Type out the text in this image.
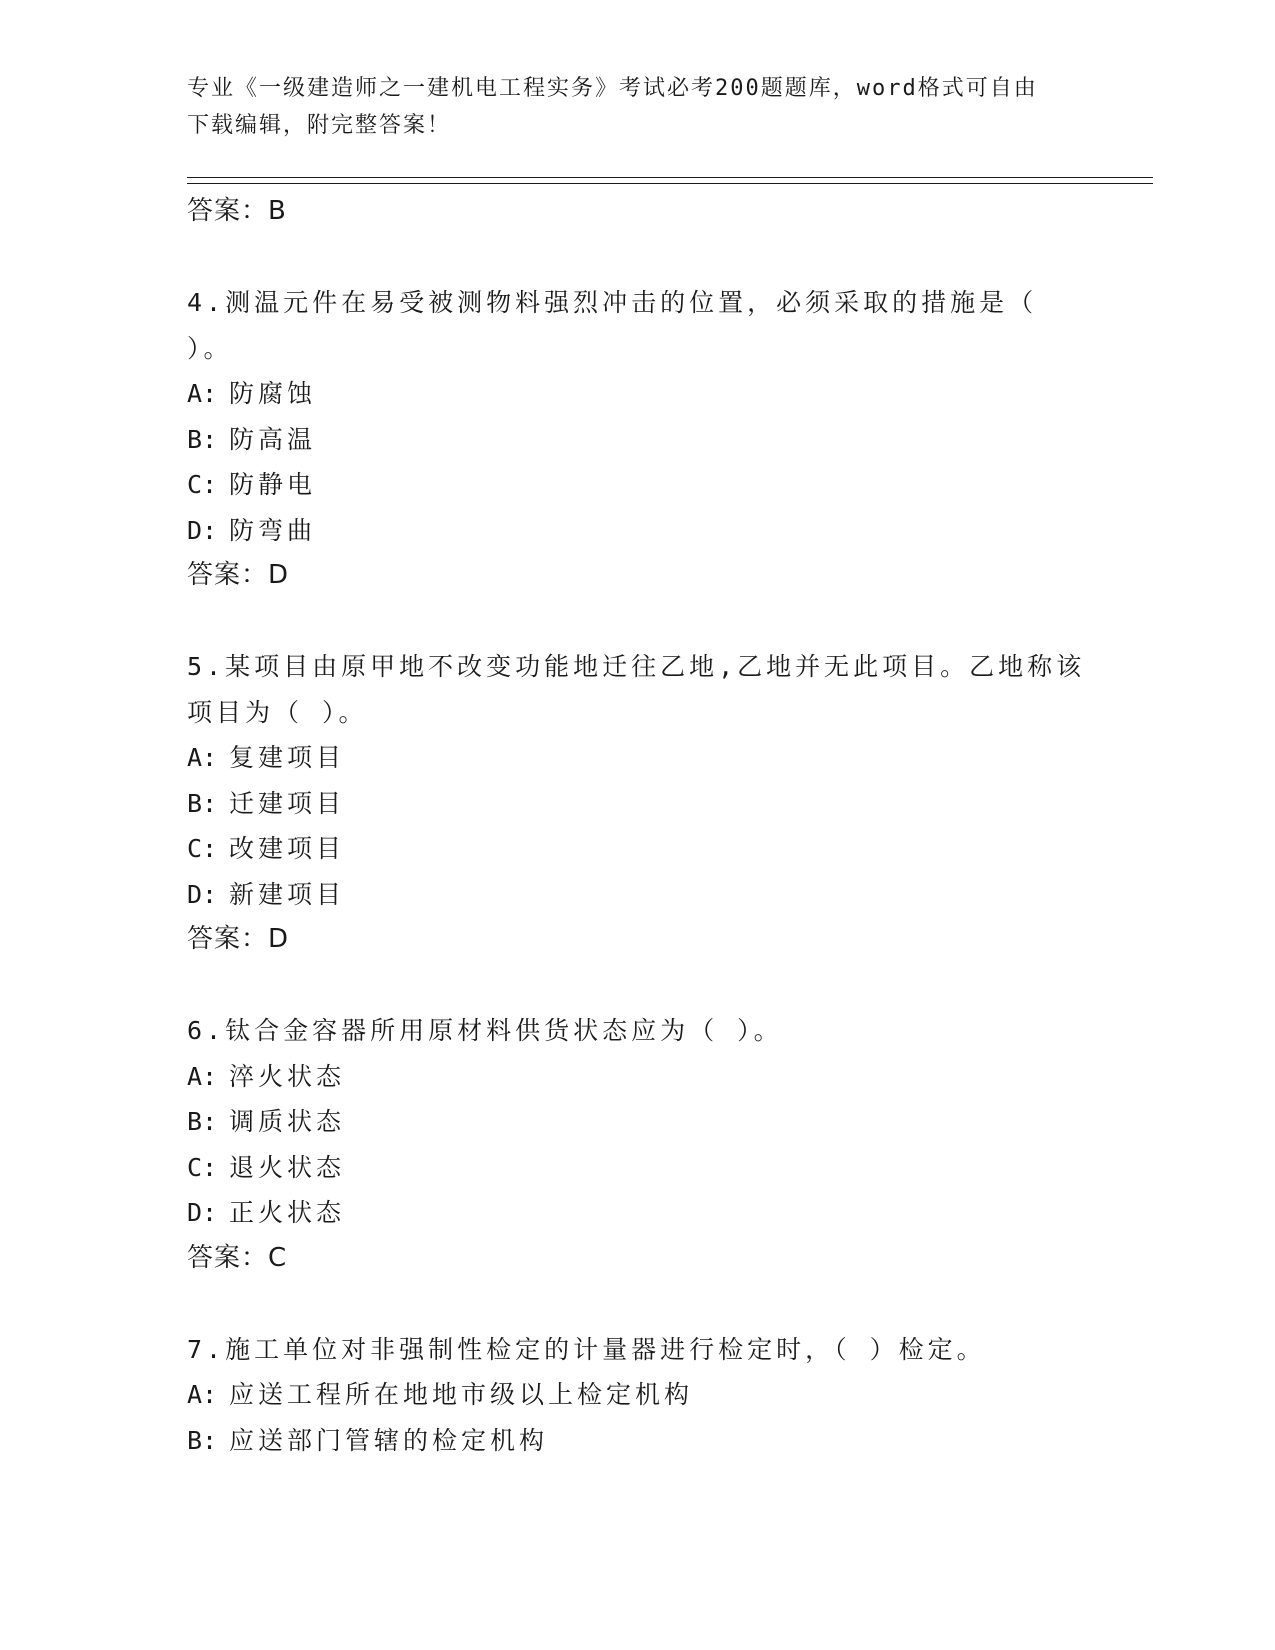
专业《一级建造师之一建机电工程实务》考试必考200题题库，word格式可自由
下载编辑，附完整答案！
答案：B
4.测温元件在易受被测物料强烈冲击的位置，必须采取的措施是（
）。
A: 防腐蚀
B: 防高温
C: 防静电
D: 防弯曲
答案：D
5.某项目由原甲地不改变功能地迁往乙地,乙地并无此项目。乙地称该
项目为（ ）。
A: 复建项目
B: 迁建项目
C: 改建项目
D: 新建项目
答案：D
6.钛合金容器所用原材料供货状态应为（ ）。
A: 淬火状态
B: 调质状态
C: 退火状态
D: 正火状态
答案：C
7.施工单位对非强制性检定的计量器进行检定时，（ ）检定。
A: 应送工程所在地地市级以上检定机构
B: 应送部门管辖的检定机构
